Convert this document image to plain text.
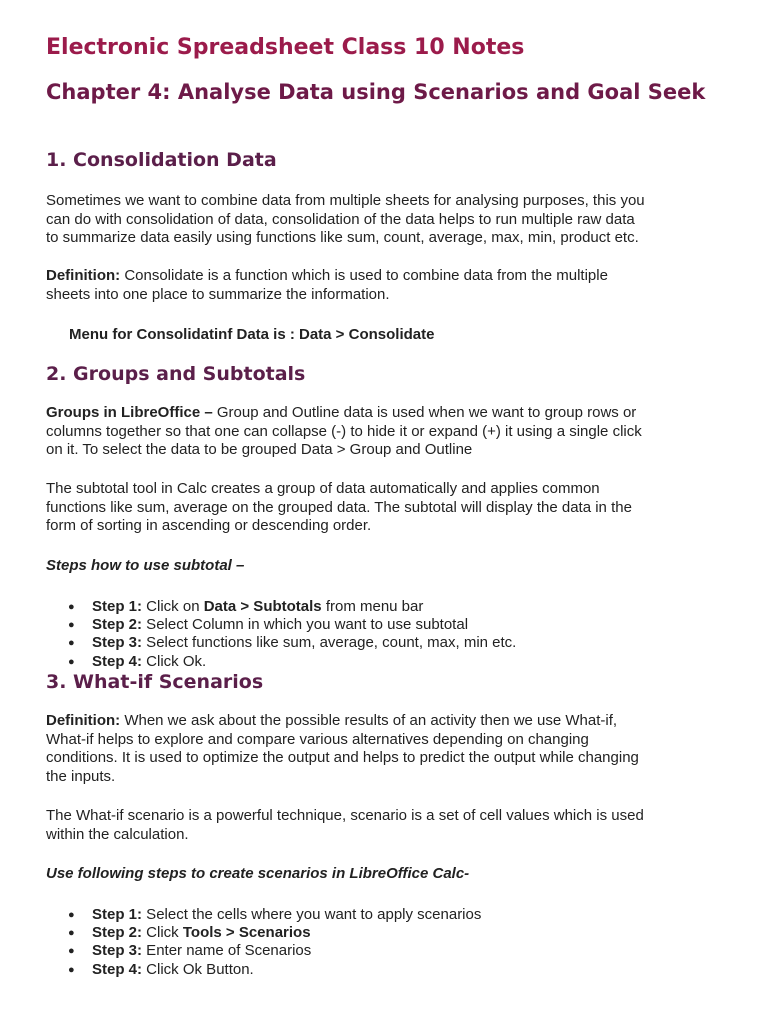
Electronic Spreadsheet Class 10 Notes
Chapter 4: Analyse Data using Scenarios and Goal Seek
1. Consolidation Data
Sometimes we want to combine data from multiple sheets for analysing purposes, this you
can do with consolidation of data, consolidation of the data helps to run multiple raw data
to summarize data easily using functions like sum, count, average, max, min, product etc.
Definition: Consolidate is a function which is used to combine data from the multiple
sheets into one place to summarize the information.
Menu for Consolidatinf Data is : Data > Consolidate
2. Groups and Subtotals
Groups in LibreOffice – Group and Outline data is used when we want to group rows or
columns together so that one can collapse (-) to hide it or expand (+) it using a single click
on it. To select the data to be grouped Data > Group and Outline
The subtotal tool in Calc creates a group of data automatically and applies common
functions like sum, average on the grouped data. The subtotal will display the data in the
form of sorting in ascending or descending order.
Steps how to use subtotal –
● Step 1: Click on Data > Subtotals from menu bar
● Step 2: Select Column in which you want to use subtotal
● Step 3: Select functions like sum, average, count, max, min etc.
● Step 4: Click Ok.
3. What-if Scenarios
Definition: When we ask about the possible results of an activity then we use What-if,
What-if helps to explore and compare various alternatives depending on changing
conditions. It is used to optimize the output and helps to predict the output while changing
the inputs.
The What-if scenario is a powerful technique, scenario is a set of cell values which is used
within the calculation.
Use following steps to create scenarios in LibreOffice Calc-
● Step 1: Select the cells where you want to apply scenarios
● Step 2: Click Tools > Scenarios
● Step 3: Enter name of Scenarios
● Step 4: Click Ok Button.
